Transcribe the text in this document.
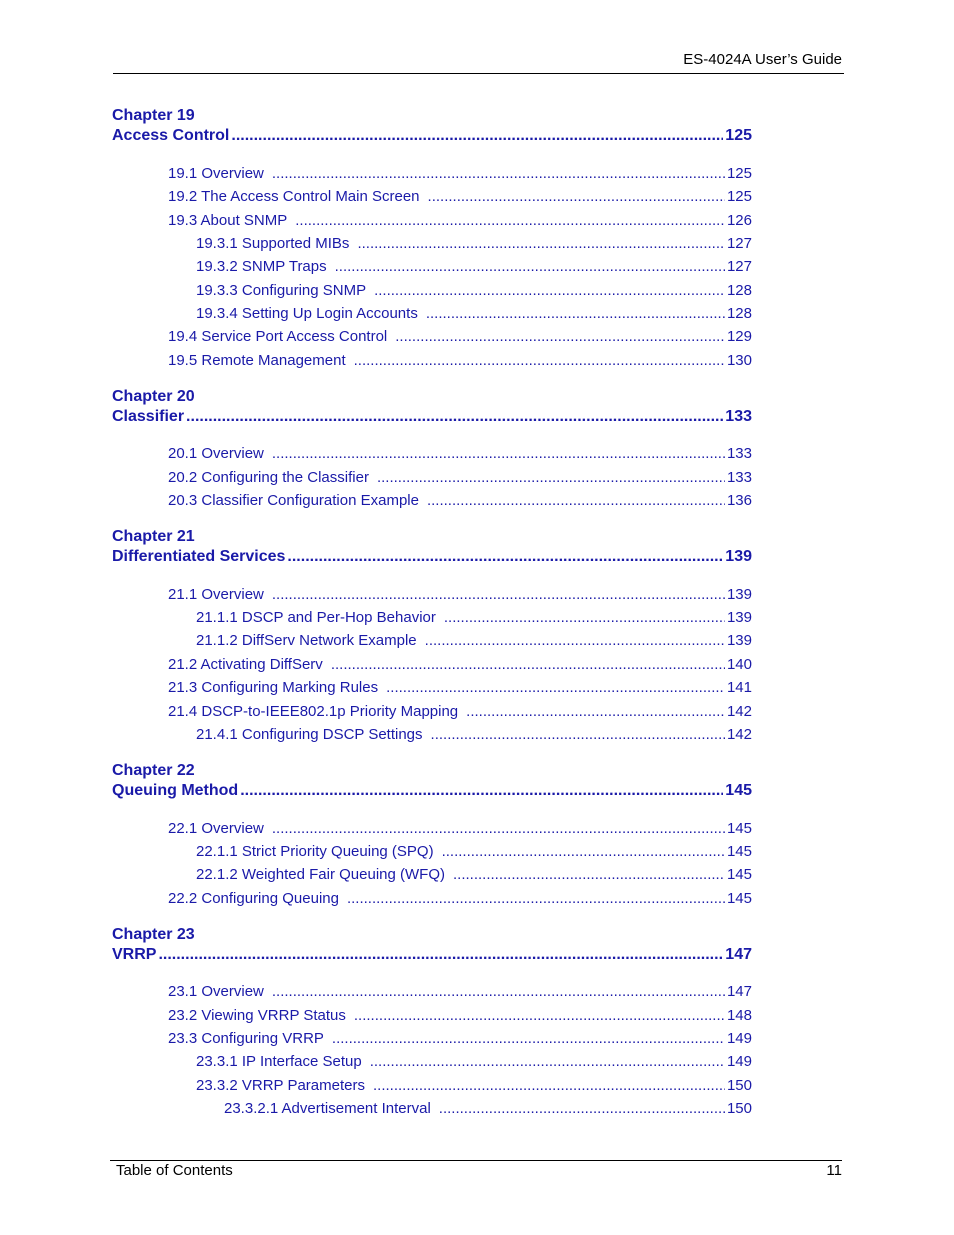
ES-4024A User’s Guide
Chapter 19
Access Control .....	125
19.1 Overview .....	125
19.2 The Access Control Main Screen .....	125
19.3 About SNMP .....	126
19.3.1 Supported MIBs .....	127
19.3.2 SNMP Traps .....	127
19.3.3 Configuring SNMP .....	128
19.3.4 Setting Up Login Accounts .....	128
19.4 Service Port Access Control .....	129
19.5 Remote Management .....	130
Chapter 20
Classifier .....	133
20.1 Overview .....	133
20.2 Configuring the Classifier .....	133
20.3 Classifier Configuration Example .....	136
Chapter 21
Differentiated Services .....	139
21.1 Overview .....	139
21.1.1 DSCP and Per-Hop Behavior .....	139
21.1.2 DiffServ Network Example .....	139
21.2 Activating DiffServ .....	140
21.3 Configuring Marking Rules .....	141
21.4 DSCP-to-IEEE802.1p Priority Mapping .....	142
21.4.1 Configuring DSCP Settings .....	142
Chapter 22
Queuing Method .....	145
22.1 Overview .....	145
22.1.1 Strict Priority Queuing (SPQ) .....	145
22.1.2 Weighted Fair Queuing (WFQ) .....	145
22.2 Configuring Queuing .....	145
Chapter 23
VRRP .....	147
23.1 Overview .....	147
23.2 Viewing VRRP Status .....	148
23.3 Configuring VRRP .....	149
23.3.1 IP Interface Setup .....	149
23.3.2 VRRP Parameters .....	150
23.3.2.1 Advertisement Interval .....	150
Table of Contents	11
